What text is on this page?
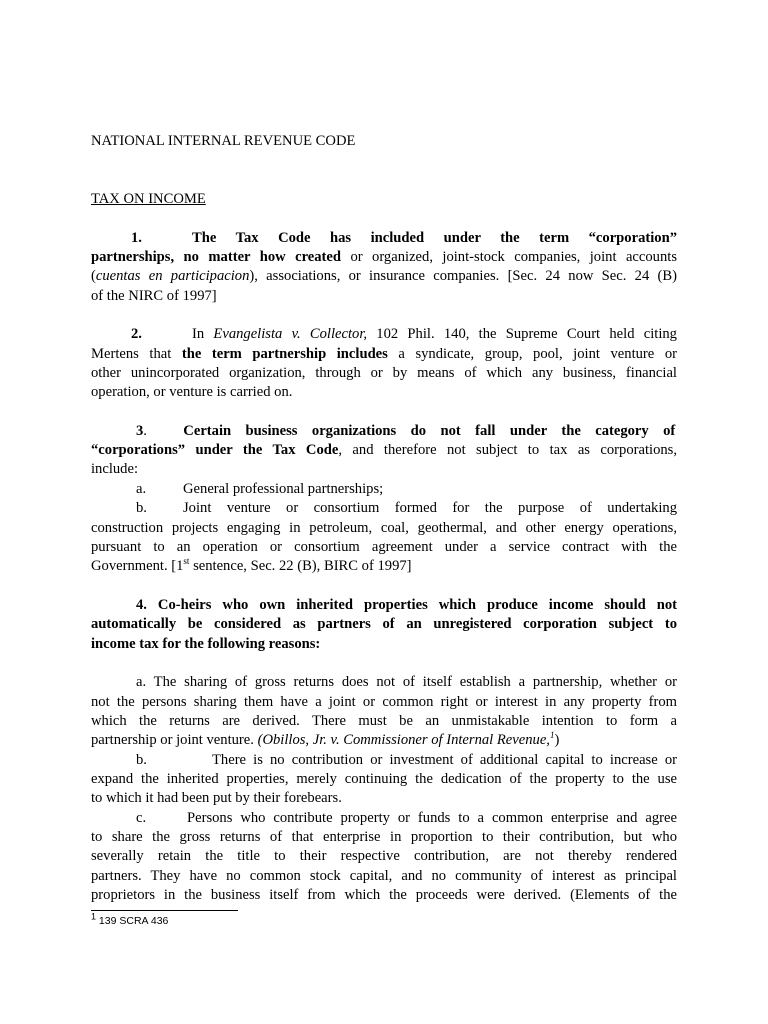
NATIONAL INTERNAL REVENUE CODE
TAX ON INCOME
1.	The Tax Code has included under the term “corporation”
partnerships, no matter how created or organized, joint-stock companies, joint accounts
(cuentas en participacion), associations, or insurance companies. [Sec. 24 now Sec. 24 (B)
of the NIRC of 1997]
2.	In Evangelista v. Collector, 102 Phil. 140, the Supreme Court held citing
Mertens that the term partnership includes a syndicate, group, pool, joint venture or
other unincorporated organization, through or by means of which any business, financial
operation, or venture is carried on.
3. Certain business organizations do not fall under the category of
“corporations” under the Tax Code, and therefore not subject to tax as corporations,
include:
a.	General professional partnerships;
b. Joint venture or consortium formed for the purpose of undertaking
construction projects engaging in petroleum, coal, geothermal, and other energy operations,
pursuant to an operation or consortium agreement under a service contract with the
Government. [1st sentence, Sec. 22 (B), BIRC of 1997]
4. Co-heirs who own inherited properties which produce income should not
automatically be considered as partners of an unregistered corporation subject to
income tax for the following reasons:
a. The sharing of gross returns does not of itself establish a partnership, whether or
not the persons sharing them have a joint or common right or interest in any property from
which the returns are derived. There must be an unmistakable intention to form a
partnership or joint venture. (Obillos, Jr. v. Commissioner of Internal Revenue,$^1$)
b.	There is no contribution or investment of additional capital to increase or
expand the inherited properties, merely continuing the dedication of the property to the use
to which it had been put by their forebears.
c.	Persons who contribute property or funds to a common enterprise and agree
to share the gross returns of that enterprise in proportion to their contribution, but who
severally retain the title to their respective contribution, are not thereby rendered
partners. They have no common stock capital, and no community of interest as principal
proprietors in the business itself from which the proceeds were derived. (Elements of the
$^1$ 139 SCRA 436
